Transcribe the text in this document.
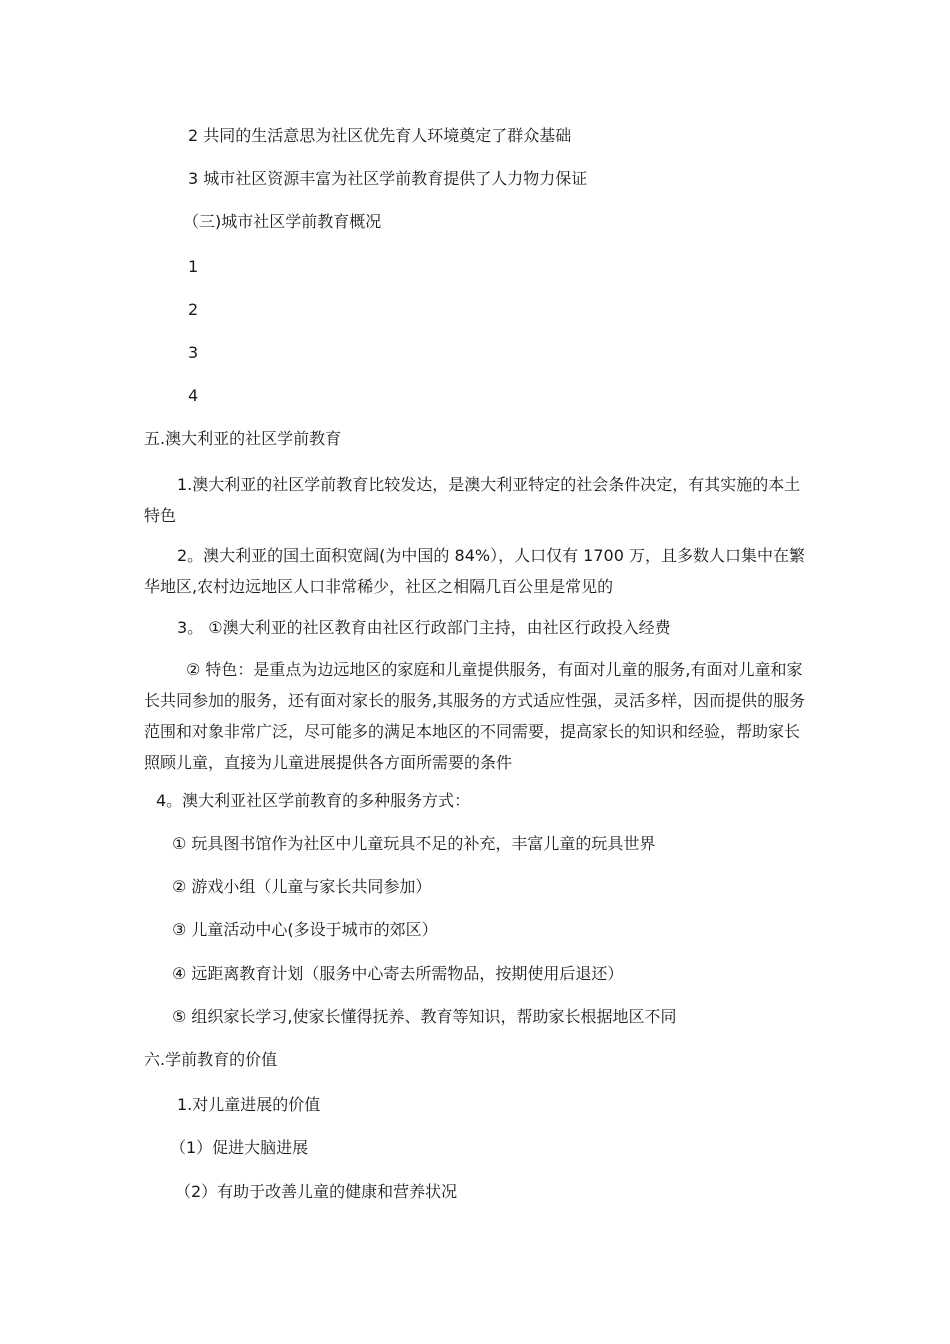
2 共同的生活意思为社区优先育人环境奠定了群众基础
3 城市社区资源丰富为社区学前教育提供了人力物力保证
（三)城市社区学前教育概况
1
2
3
4
五.澳大利亚的社区学前教育
1.澳大利亚的社区学前教育比较发达，是澳大利亚特定的社会条件决定，有其实施的本土特色
2。澳大利亚的国土面积宽阔(为中国的 84%），人口仅有 1700 万，且多数人口集中在繁华地区,农村边远地区人口非常稀少，社区之相隔几百公里是常见的
3。 ①澳大利亚的社区教育由社区行政部门主持，由社区行政投入经费
② 特色：是重点为边远地区的家庭和儿童提供服务，有面对儿童的服务,有面对儿童和家长共同参加的服务，还有面对家长的服务,其服务的方式适应性强，灵活多样，因而提供的服务范围和对象非常广泛，尽可能多的满足本地区的不同需要，提高家长的知识和经验，帮助家长照顾儿童，直接为儿童进展提供各方面所需要的条件
4。澳大利亚社区学前教育的多种服务方式：
① 玩具图书馆作为社区中儿童玩具不足的补充，丰富儿童的玩具世界
② 游戏小组（儿童与家长共同参加）
③ 儿童活动中心(多设于城市的郊区）
④ 远距离教育计划（服务中心寄去所需物品，按期使用后退还）
⑤ 组织家长学习,使家长懂得抚养、教育等知识，帮助家长根据地区不同
六.学前教育的价值
1.对儿童进展的价值
（1）促进大脑进展
（2）有助于改善儿童的健康和营养状况
